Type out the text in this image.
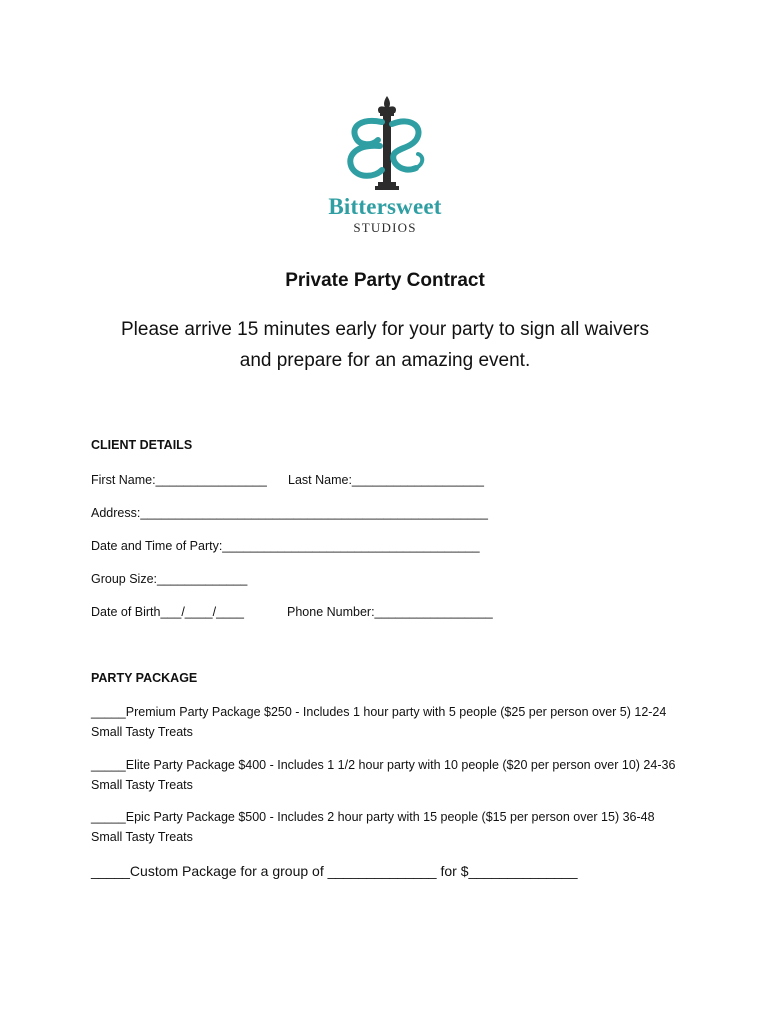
Bittersweet
STUDIOS
Private Party Contract
Please arrive 15 minutes early for your party to sign all waivers
and prepare for an amazing event.
CLIENT DETAILS
First Name:________________ Last Name:___________________
Address:__________________________________________________
Date and Time of Party:_____________________________________
Group Size:_____________
Date of Birth___/____/____	Phone Number:_________________
PARTY PACKAGE
_____Premium Party Package $250 - Includes 1 hour party with 5 people ($25 per person over 5) 12-24 Small Tasty Treats
_____Elite Party Package $400 - Includes 1 1/2 hour party with 10 people ($20 per person over 10) 24-36 Small Tasty Treats
_____Epic Party Package $500 - Includes 2 hour party with 15 people ($15 per person over 15) 36-48 Small Tasty Treats
_____Custom Package for a group of ______________ for $______________
